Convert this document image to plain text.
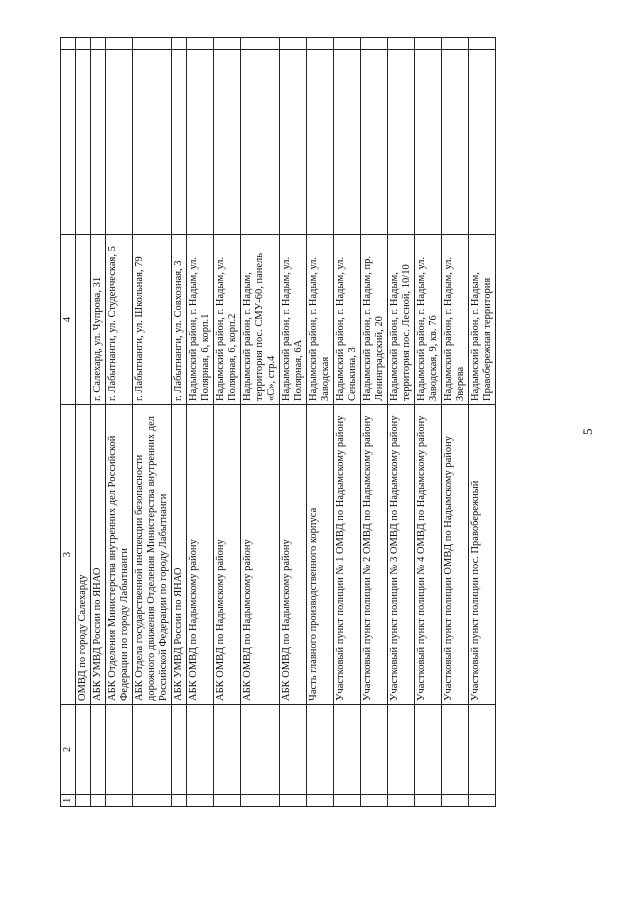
5
1	2	3	4		
		ОМВД по городу Салехарду			
		АБК УМВД России по ЯНАО	г. Салехард, ул. Чупрова, 31		
		АБК Отделения Министерства внутренних дел Российской Федерации по городу Лабытнанги	г. Лабытнанги, ул. Студенческая, 5		
		АБК Отдела государственной инспекции безопасности дорожного движения Отделения Министерства внутренних дел Российской Федерации по городу Лабытнанги	г. Лабытнанги, ул. Школьная, 79		
		АБК УМВД России по ЯНАО	г. Лабытнанги, ул. Совхозная, 3		
		АБК ОМВД по Надымскому району	Надымский район, г. Надым, ул. Полярная, 6, корп.1		
		АБК ОМВД по Надымскому району	Надымский район, г. Надым, ул. Полярная, 6, корп.2		
		АБК ОМВД по Надымскому району	Надымский район, г. Надым, территория пос. СМУ-60, панель «С», стр.4		
		АБК ОМВД по Надымскому району	Надымский район, г. Надым, ул. Полярная, 6А		
		Часть главного производственного корпуса	Надымский район, г. Надым, ул. Заводская		
		Участковый пункт полиции № 1 ОМВД по Надымскому району	Надымский район, г. Надым, ул. Сенькина, 3		
		Участковый пункт полиции № 2 ОМВД по Надымскому району	Надымский район, г. Надым, пр. Ленинградский, 20		
		Участковый пункт полиции № 3 ОМВД по Надымскому району	Надымский район, г. Надым, территория пос. Лесной, 10/10		
		Участковый пункт полиции № 4 ОМВД по Надымскому району	Надымский район, г. Надым, ул. Заводская, 9, кв. 76		
		Участковый пункт полиции ОМВД по Надымскому району	Надымский район, г. Надым, ул. Зверева		
		Участковый пункт полиции пос. Правобережный	Надымский район, г. Надым, Правобережная территория		
